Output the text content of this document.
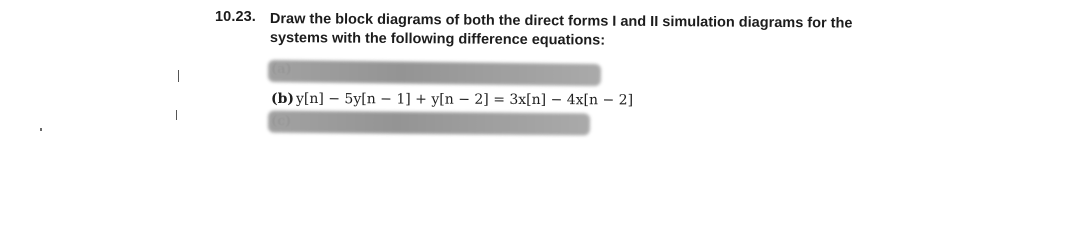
10.23. Draw the block diagrams of both the direct forms I and II simulation diagrams for the
systems with the following difference equations:
(b) y[n] − 5y[n − 1] + y[n − 2] = 3x[n] − 4x[n − 2]
